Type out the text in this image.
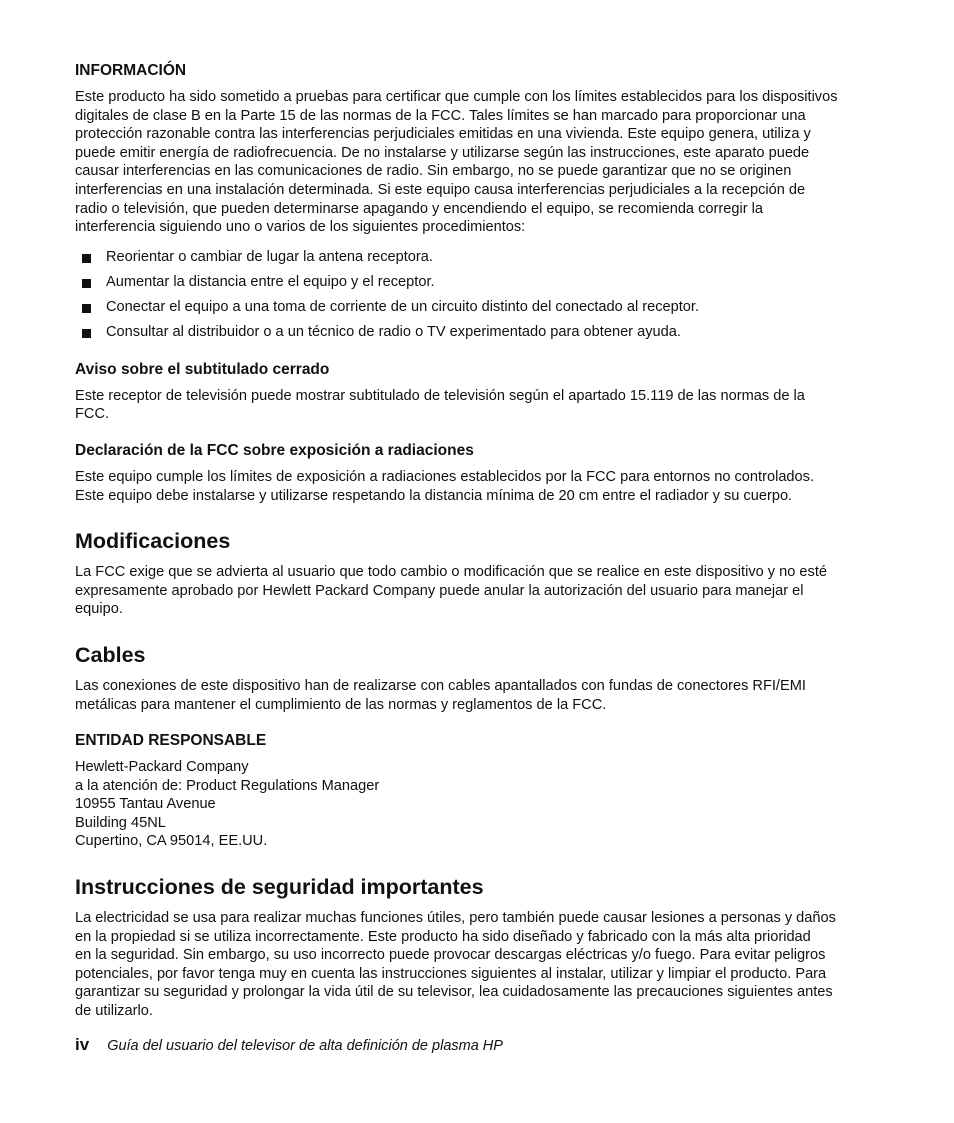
INFORMACIÓN

Este producto ha sido sometido a pruebas para certificar que cumple con los límites establecidos para los dispositivos
digitales de clase B en la Parte 15 de las normas de la FCC. Tales límites se han marcado para proporcionar una
protección razonable contra las interferencias perjudiciales emitidas en una vivienda. Este equipo genera, utiliza y
puede emitir energía de radiofrecuencia. De no instalarse y utilizarse según las instrucciones, este aparato puede
causar interferencias en las comunicaciones de radio. Sin embargo, no se puede garantizar que no se originen
interferencias en una instalación determinada. Si este equipo causa interferencias perjudiciales a la recepción de
radio o televisión, que pueden determinarse apagando y encendiendo el equipo, se recomienda corregir la
interferencia siguiendo uno o varios de los siguientes procedimientos:

Reorientar o cambiar de lugar la antena receptora.
Aumentar la distancia entre el equipo y el receptor.
Conectar el equipo a una toma de corriente de un circuito distinto del conectado al receptor.
Consultar al distribuidor o a un técnico de radio o TV experimentado para obtener ayuda.
Aviso sobre el subtitulado cerrado

Este receptor de televisión puede mostrar subtitulado de televisión según el apartado 15.119 de las normas de la
FCC.

Declaración de la FCC sobre exposición a radiaciones

Este equipo cumple los límites de exposición a radiaciones establecidos por la FCC para entornos no controlados.
Este equipo debe instalarse y utilizarse respetando la distancia mínima de 20 cm entre el radiador y su cuerpo.

Modificaciones

La FCC exige que se advierta al usuario que todo cambio o modificación que se realice en este dispositivo y no esté
expresamente aprobado por Hewlett Packard Company puede anular la autorización del usuario para manejar el
equipo.

Cables

Las conexiones de este dispositivo han de realizarse con cables apantallados con fundas de conectores RFI/EMI
metálicas para mantener el cumplimiento de las normas y reglamentos de la FCC.

ENTIDAD RESPONSABLE

Hewlett-Packard Company
a la atención de: Product Regulations Manager
10955 Tantau Avenue
Building 45NL
Cupertino, CA 95014, EE.UU.

Instrucciones de seguridad importantes

La electricidad se usa para realizar muchas funciones útiles, pero también puede causar lesiones a personas y daños
en la propiedad si se utiliza incorrectamente. Este producto ha sido diseñado y fabricado con la más alta prioridad
en la seguridad. Sin embargo, su uso incorrecto puede provocar descargas eléctricas y/o fuego. Para evitar peligros
potenciales, por favor tenga muy en cuenta las instrucciones siguientes al instalar, utilizar y limpiar el producto. Para
garantizar su seguridad y prolongar la vida útil de su televisor, lea cuidadosamente las precauciones siguientes antes
de utilizarlo.

iv Guía del usuario del televisor de alta definición de plasma HP
